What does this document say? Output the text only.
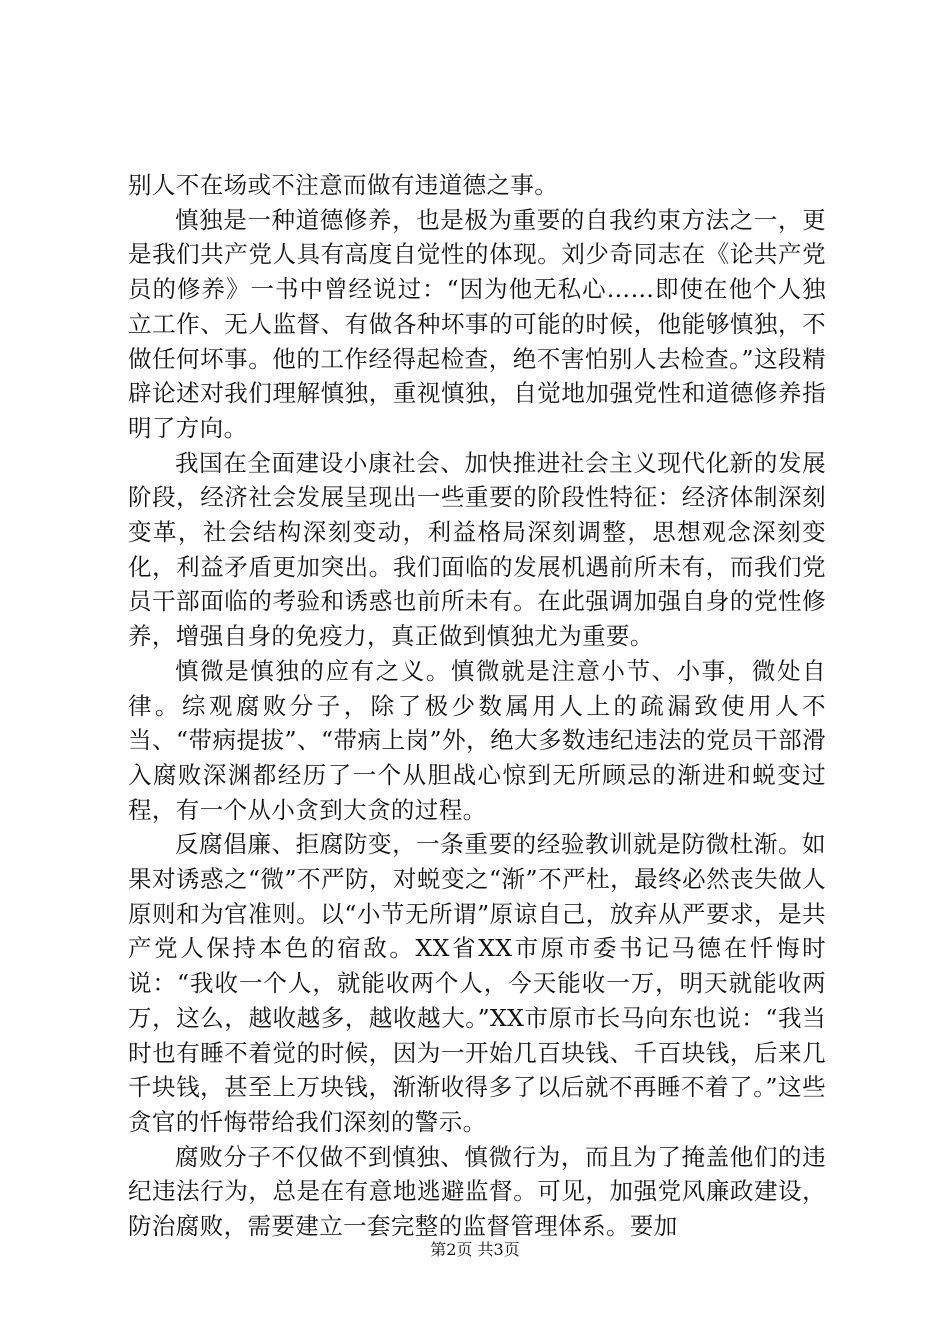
别人不在场或不注意而做有违道德之事。

慎独是一种道德修养，也是极为重要的自我约束方法之一，更是我们共产党人具有高度自觉性的体现。刘少奇同志在《论共产党员的修养》一书中曾经说过：“因为他无私心……即使在他个人独立工作、无人监督、有做各种坏事的可能的时候，他能够慎独，不做任何坏事。他的工作经得起检查，绝不害怕别人去检查。”这段精辟论述对我们理解慎独，重视慎独，自觉地加强党性和道德修养指明了方向。

我国在全面建设小康社会、加快推进社会主义现代化新的发展阶段，经济社会发展呈现出一些重要的阶段性特征：经济体制深刻变革，社会结构深刻变动，利益格局深刻调整，思想观念深刻变化，利益矛盾更加突出。我们面临的发展机遇前所未有，而我们党员干部面临的考验和诱惑也前所未有。在此强调加强自身的党性修养，增强自身的免疫力，真正做到慎独尤为重要。

慎微是慎独的应有之义。慎微就是注意小节、小事，微处自律。综观腐败分子，除了极少数属用人上的疏漏致使用人不当、“带病提拔”、“带病上岗”外，绝大多数违纪违法的党员干部滑入腐败深渊都经历了一个从胆战心惊到无所顾忌的渐进和蜕变过程，有一个从小贪到大贪的过程。

反腐倡廉、拒腐防变，一条重要的经验教训就是防微杜渐。如果对诱惑之“微”不严防，对蜕变之“渐”不严杜，最终必然丧失做人原则和为官准则。以“小节无所谓”原谅自己，放弃从严要求，是共产党人保持本色的宿敌。XX省XX市原市委书记马德在忏悔时说：“我收一个人，就能收两个人，今天能收一万，明天就能收两万，这么，越收越多，越收越大。”XX市原市长马向东也说：“我当时也有睡不着觉的时候，因为一开始几百块钱、千百块钱，后来几千块钱，甚至上万块钱，渐渐收得多了以后就不再睡不着了。”这些贪官的忏悔带给我们深刻的警示。

腐败分子不仅做不到慎独、慎微行为，而且为了掩盖他们的违纪违法行为，总是在有意地逃避监督。可见，加强党风廉政建设，防治腐败，需要建立一套完整的监督管理体系。要加

第2页 共3页
